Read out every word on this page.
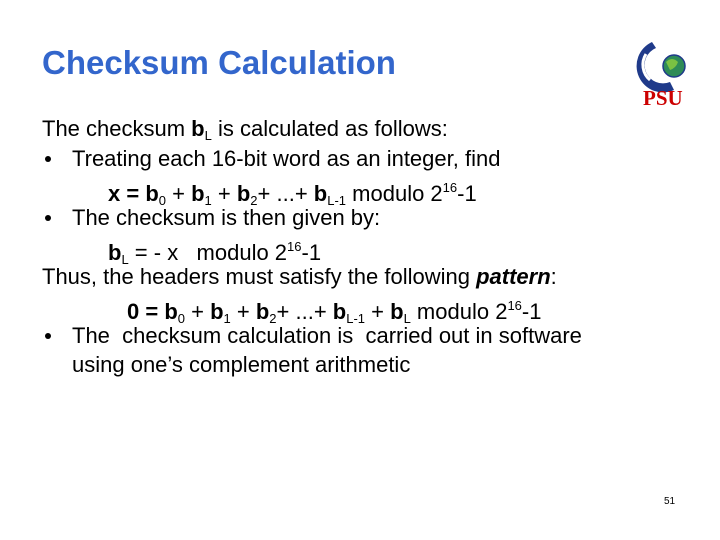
Checksum Calculation
PSU
The checksum $b_L$ is calculated as follows:
Treating each 16-bit word as an integer, find
$x = b_0 + b_1 + b_2+$ ...+ $b_{L-1}$ modulo $2^{16}-1$
The checksum is then given by:
$b_L$ = - x   modulo $2^{16}-1$
Thus, the headers must satisfy the following pattern:
$0 = b_0 + b_1 + b_2+$ ...+ $b_{L-1} + b_L$ modulo $2^{16}-1$
The  checksum calculation is  carried out in software
using one’s complement arithmetic
51
